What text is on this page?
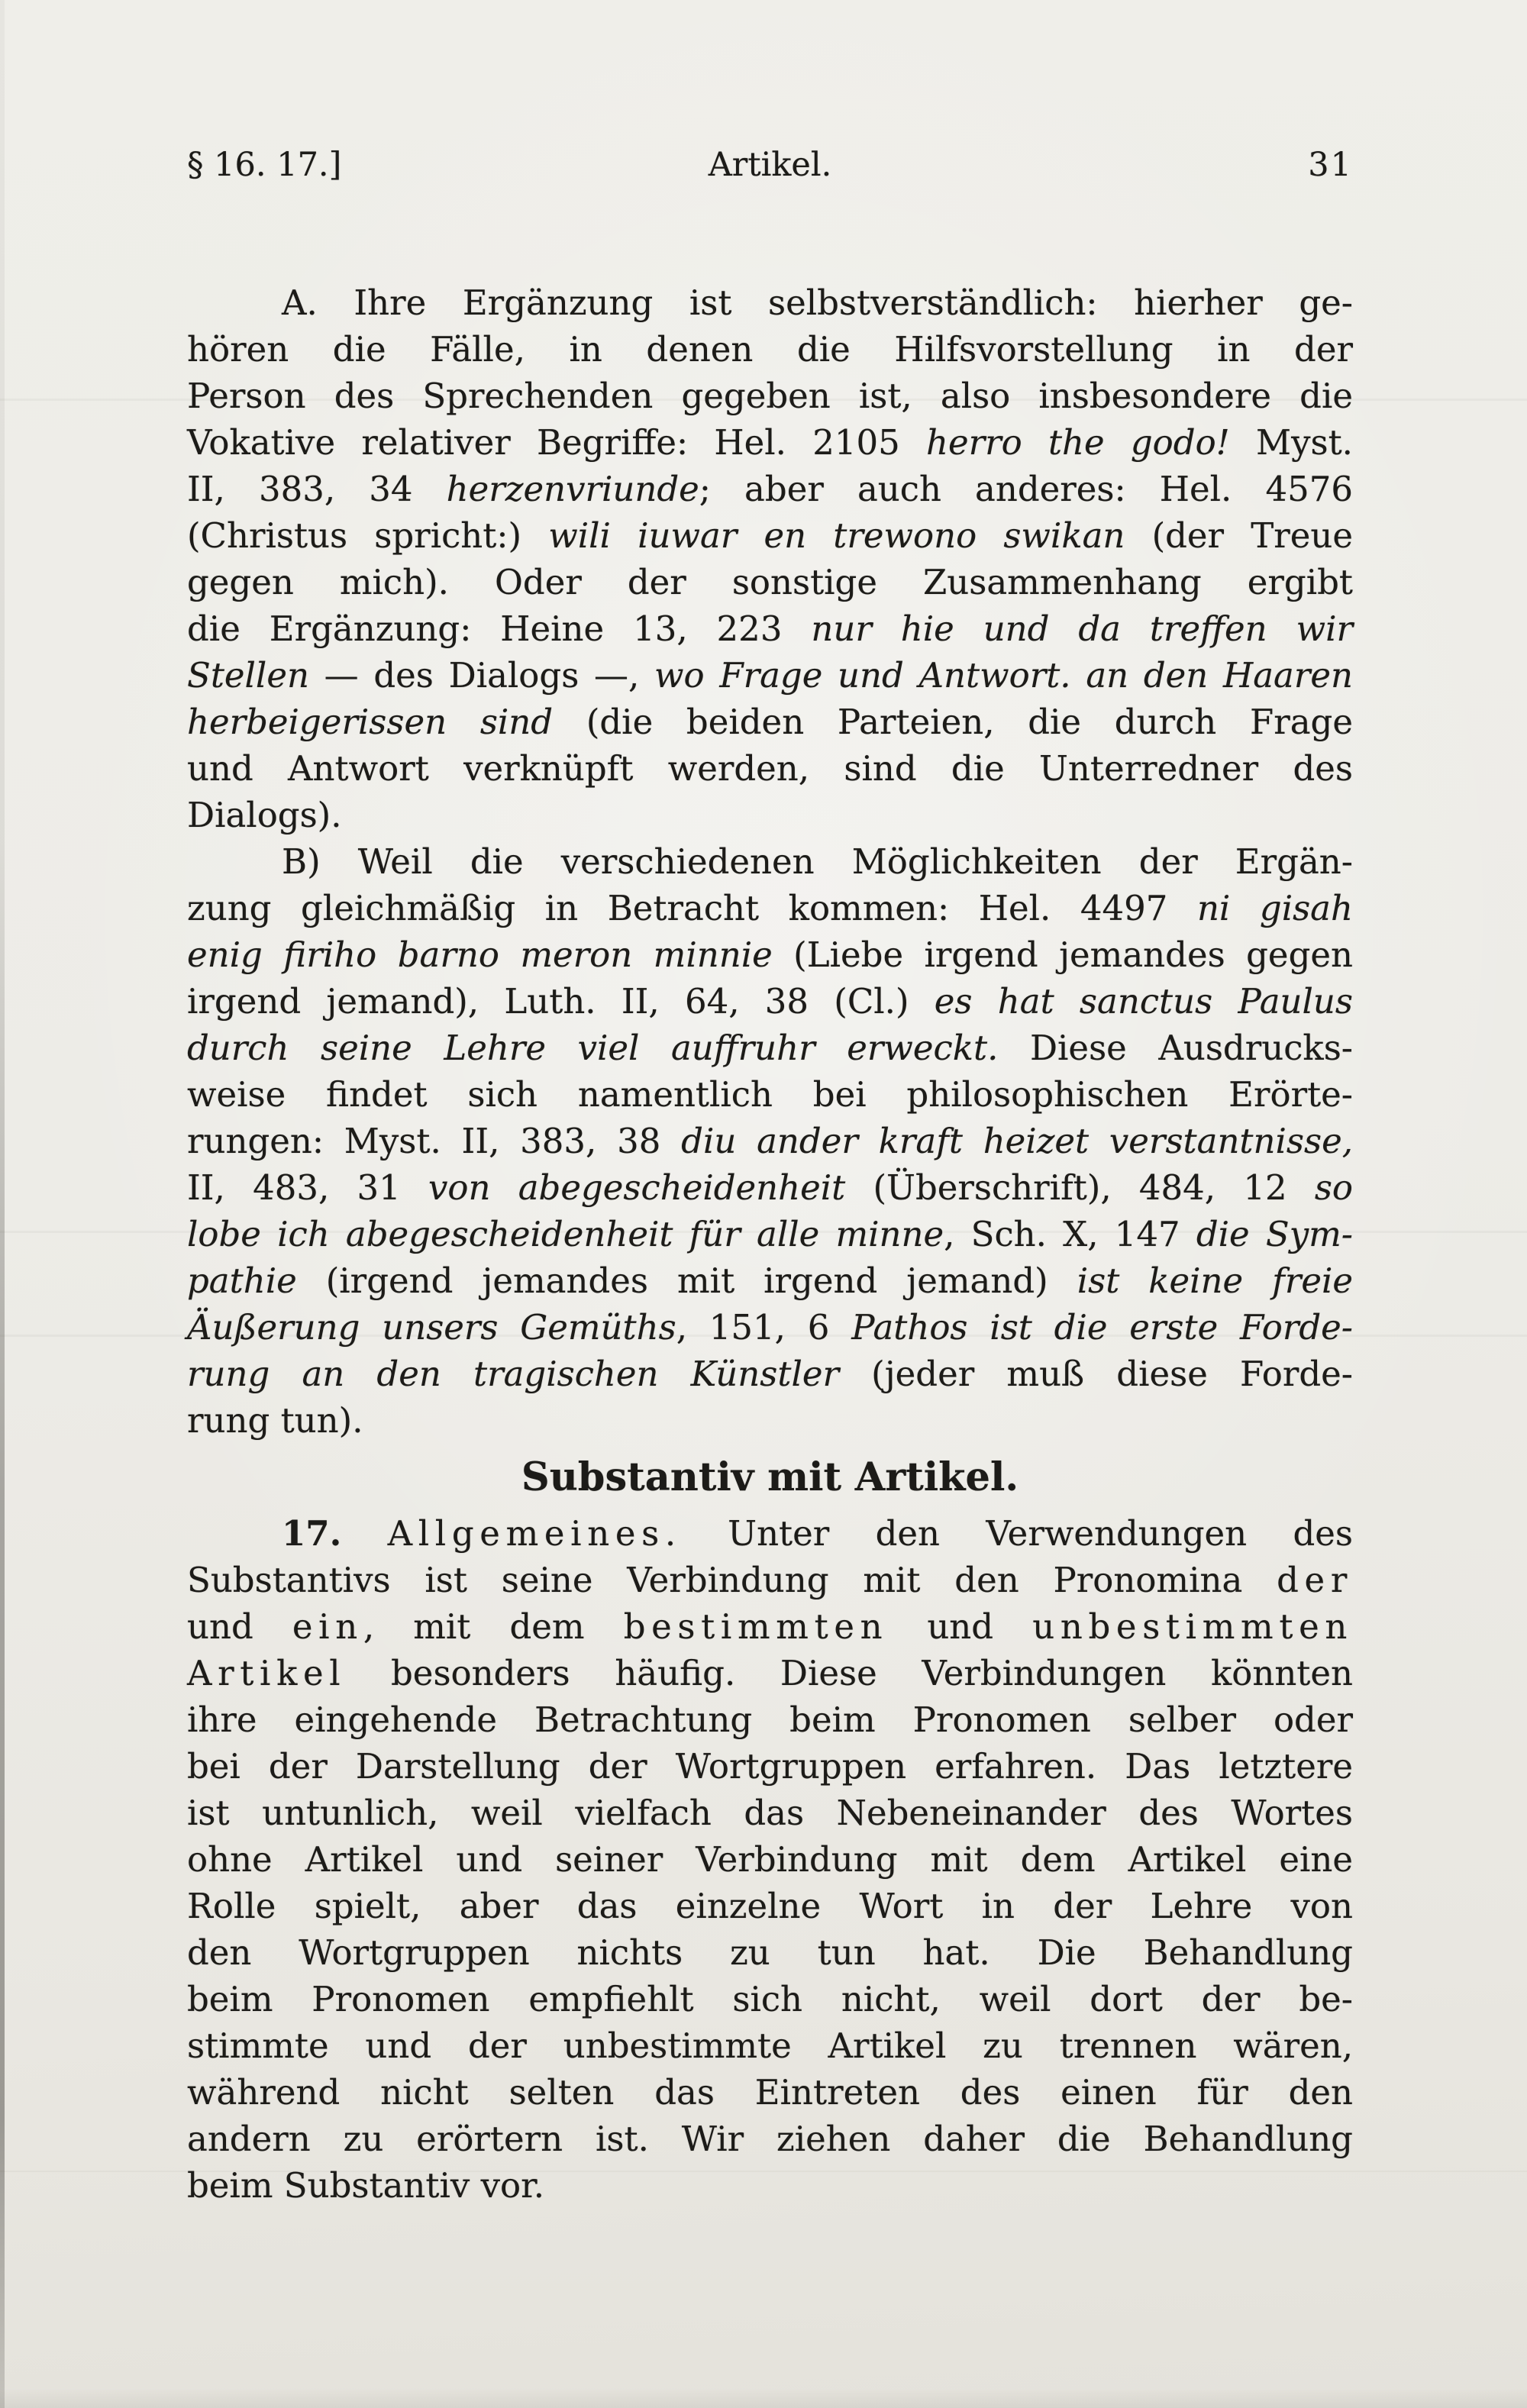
§ 16. 17.]	Artikel.	31
A. Ihre Ergänzung ist selbstverständlich: hierher ge-
hören die Fälle, in denen die Hilfsvorstellung in der
Person des Sprechenden gegeben ist, also insbesondere die
Vokative relativer Begriffe: Hel. 2105 herro the godo! Myst.
II, 383, 34 herzenvriunde; aber auch anderes: Hel. 4576
(Christus spricht:) wili iuwar en trewono swikan (der Treue
gegen mich). Oder der sonstige Zusammenhang ergibt
die Ergänzung: Heine 13, 223 nur hie und da treffen wir
Stellen — des Dialogs —, wo Frage und Antwort. an den Haaren
herbeigerissen sind (die beiden Parteien, die durch Frage
und Antwort verknüpft werden, sind die Unterredner des
Dialogs).
B) Weil die verschiedenen Möglichkeiten der Ergän-
zung gleichmäßig in Betracht kommen: Hel. 4497 ni gisah
enig firiho barno meron minnie (Liebe irgend jemandes gegen
irgend jemand), Luth. II, 64, 38 (Cl.) es hat sanctus Paulus
durch seine Lehre viel auffruhr erweckt. Diese Ausdrucks-
weise findet sich namentlich bei philosophischen Erörte-
rungen: Myst. II, 383, 38 diu ander kraft heizet verstantnisse,
II, 483, 31 von abegescheidenheit (Überschrift), 484, 12 so
lobe ich abegescheidenheit für alle minne, Sch. X, 147 die Sym-
pathie (irgend jemandes mit irgend jemand) ist keine freie
Äußerung unsers Gemüths, 151, 6 Pathos ist die erste Forde-
rung an den tragischen Künstler (jeder muß diese Forde-
rung tun).
Substantiv mit Artikel.
17. Allgemeines. Unter den Verwendungen des
Substantivs ist seine Verbindung mit den Pronomina der
und ein, mit dem bestimmten und unbestimmten
Artikel besonders häufig. Diese Verbindungen könnten
ihre eingehende Betrachtung beim Pronomen selber oder
bei der Darstellung der Wortgruppen erfahren. Das letztere
ist untunlich, weil vielfach das Nebeneinander des Wortes
ohne Artikel und seiner Verbindung mit dem Artikel eine
Rolle spielt, aber das einzelne Wort in der Lehre von
den Wortgruppen nichts zu tun hat. Die Behandlung
beim Pronomen empfiehlt sich nicht, weil dort der be-
stimmte und der unbestimmte Artikel zu trennen wären,
während nicht selten das Eintreten des einen für den
andern zu erörtern ist. Wir ziehen daher die Behandlung
beim Substantiv vor.
